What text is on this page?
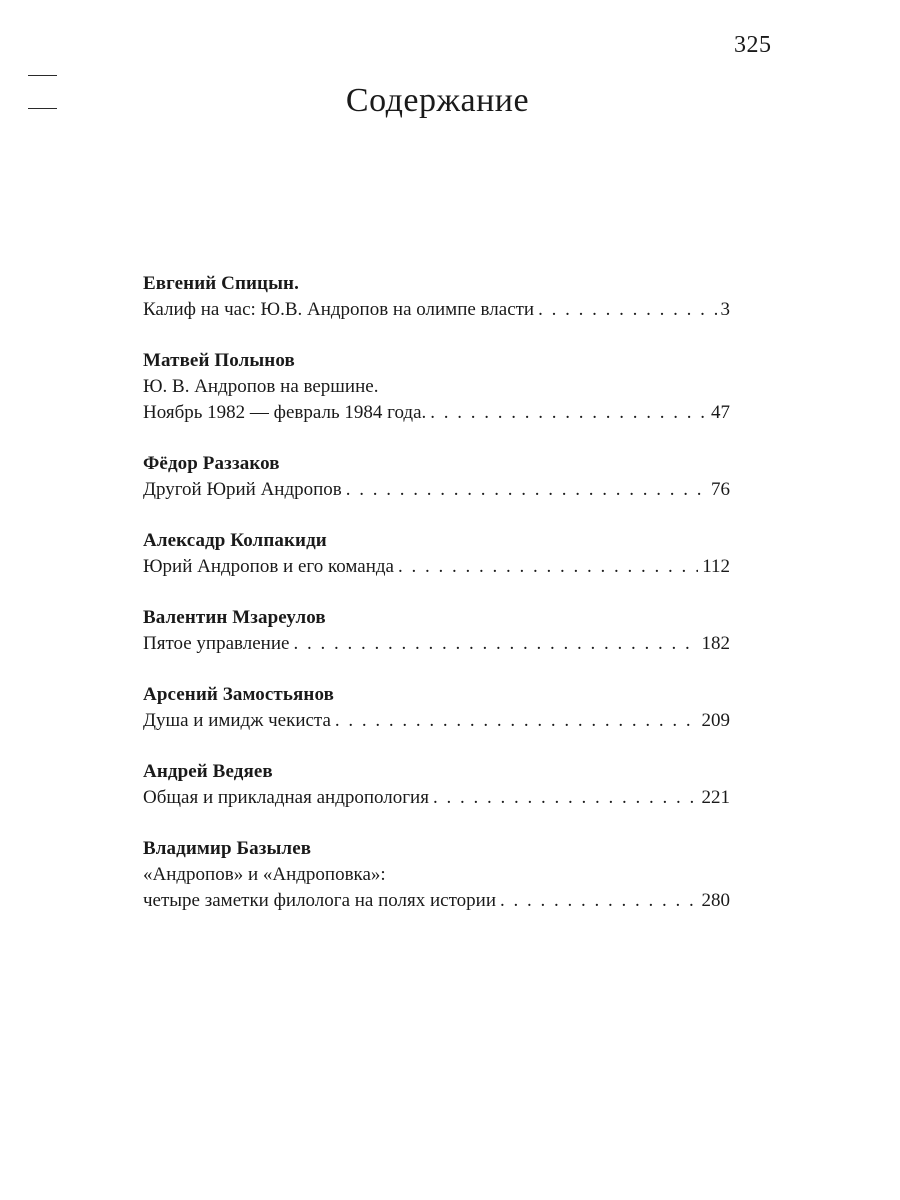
325
Содержание
Евгений Спицын.
Калиф на час: Ю.В. Андропов на олимпе власти . . .	3
Матвей Полынов
Ю. В. Андропов на вершине.
Ноябрь 1982 — февраль 1984 года. . . .	47
Фёдор Раззаков
Другой Юрий Андропов . . .	76
Алексадр Колпакиди
Юрий Андропов и его команда . . .	112
Валентин Мзареулов
Пятое управление . . .	182
Арсений Замостьянов
Душа и имидж чекиста . . .	209
Андрей Ведяев
Общая и прикладная андропология . . .	221
Владимир Базылев
«Андропов» и «Андроповка»:
четыре заметки филолога на полях истории . . .	280
